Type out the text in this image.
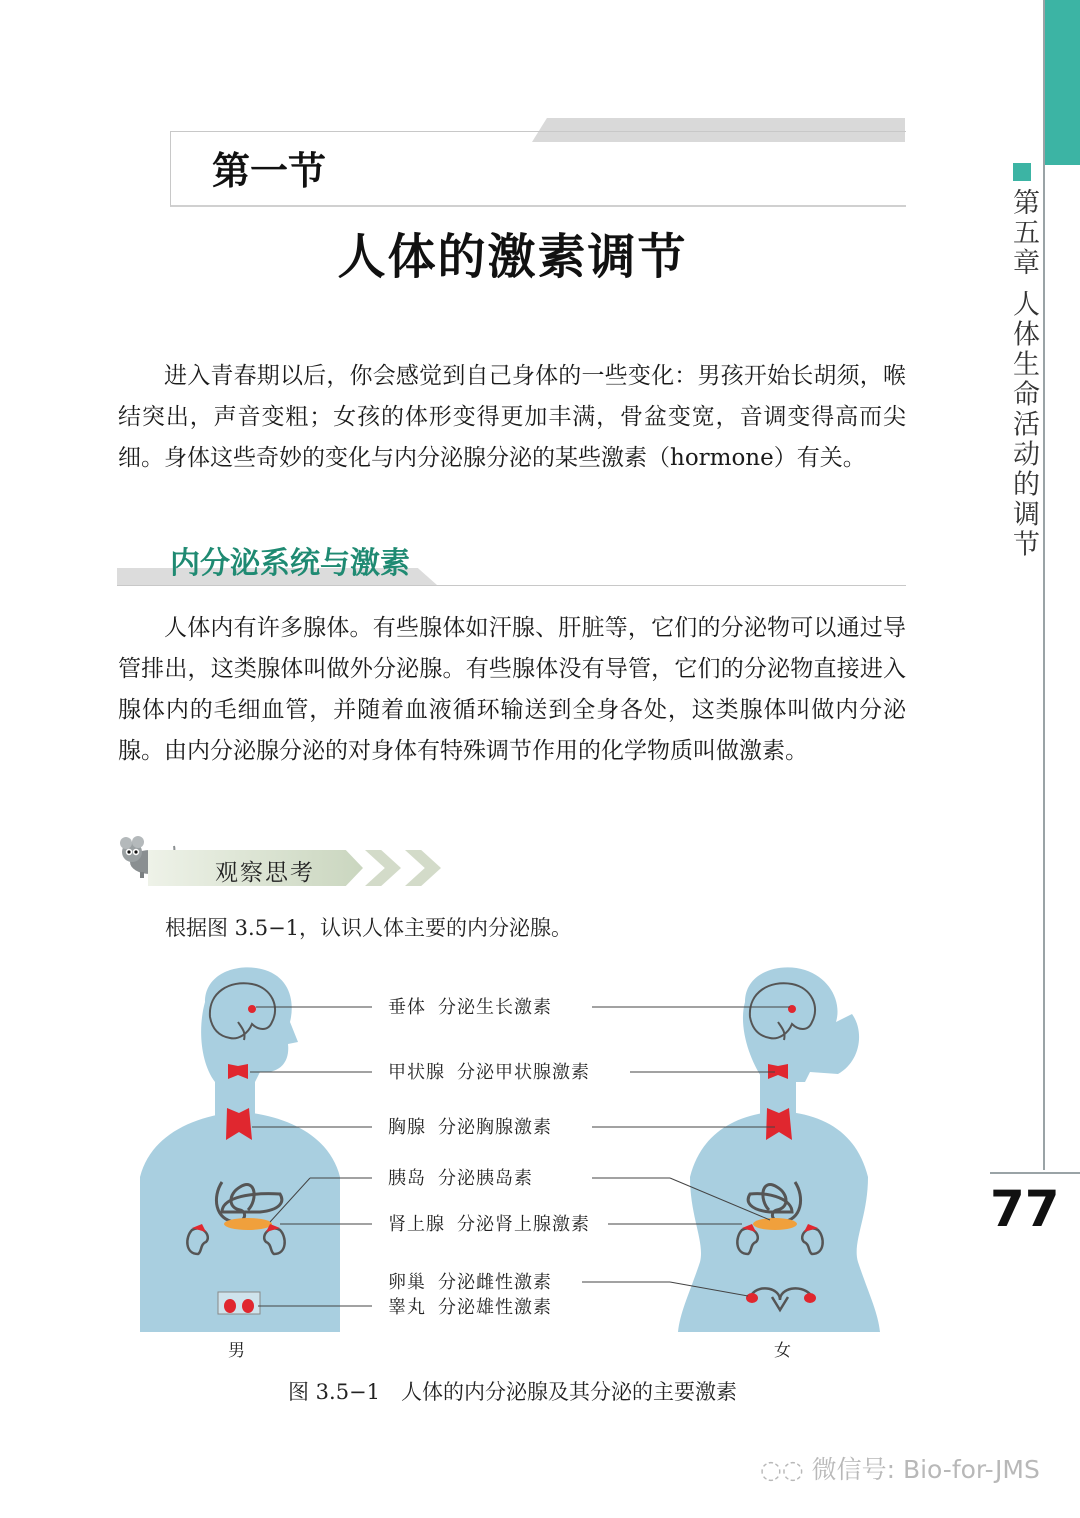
第五章 人体生命活动的调节
77
第一节
人体的激素调节

进入青春期以后，你会感觉到自己身体的一些变化：男孩开始长胡须，喉结突出，声音变粗；女孩的体形变得更加丰满，骨盆变宽，音调变得高而尖细。身体这些奇妙的变化与内分泌腺分泌的某些激素（hormone）有关。

内分泌系统与激素

人体内有许多腺体。有些腺体如汗腺、肝脏等，它们的分泌物可以通过导管排出，这类腺体叫做外分泌腺。有些腺体没有导管，它们的分泌物直接进入腺体内的毛细血管，并随着血液循环输送到全身各处，这类腺体叫做内分泌腺。由内分泌腺分泌的对身体有特殊调节作用的化学物质叫做激素。

观察思考
根据图 3.5−1，认识人体主要的内分泌腺。
垂体 分泌生长激素
甲状腺 分泌甲状腺激素
胸腺 分泌胸腺激素
胰岛 分泌胰岛素
肾上腺 分泌肾上腺激素
卵巢 分泌雌性激素
睾丸 分泌雄性激素
男	女
图 3.5−1　人体的内分泌腺及其分泌的主要激素
◌◌ 微信号: Bio-for-JMS
